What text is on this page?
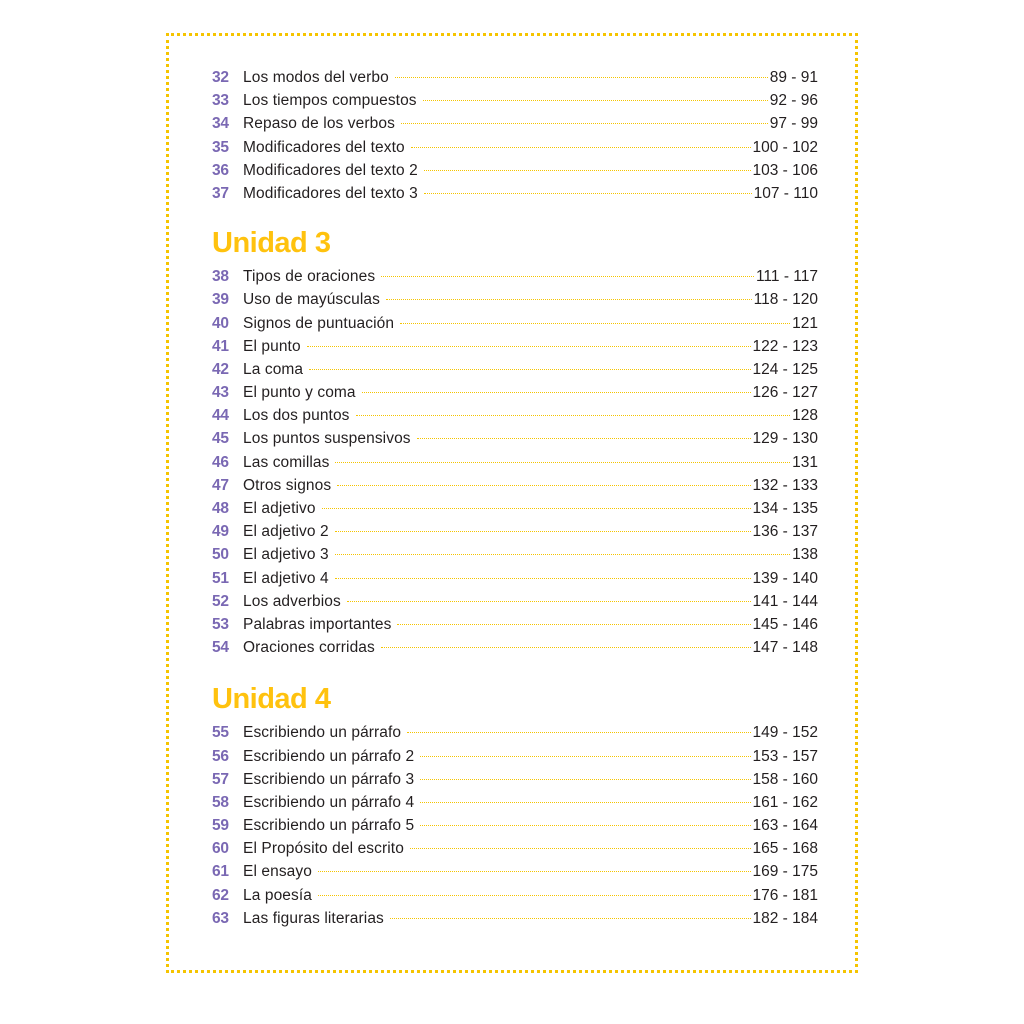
32 Los modos del verbo	89 - 91
33 Los tiempos compuestos	92 - 96
34 Repaso de los verbos	97 - 99
35 Modificadores del texto	100 - 102
36 Modificadores del texto 2	103 - 106
37 Modificadores del texto 3	107 - 110
Unidad 3
38 Tipos de oraciones	111 - 117
39 Uso de mayúsculas	118 - 120
40 Signos de puntuación	121
41 El punto	122 - 123
42 La coma	124 - 125
43 El punto y coma	126 - 127
44 Los dos puntos	128
45 Los puntos suspensivos	129 - 130
46 Las comillas	131
47 Otros signos	132 - 133
48 El adjetivo	134 - 135
49 El adjetivo 2	136 - 137
50 El adjetivo 3	138
51 El adjetivo 4	139 - 140
52 Los adverbios	141 - 144
53 Palabras importantes	145 - 146
54 Oraciones corridas	147 - 148
Unidad 4
55 Escribiendo un párrafo	149 - 152
56 Escribiendo un párrafo 2	153 - 157
57 Escribiendo un párrafo 3	158 - 160
58 Escribiendo un párrafo 4	161 - 162
59 Escribiendo un párrafo 5	163 - 164
60 El Propósito del escrito	165 - 168
61 El ensayo	169 - 175
62 La poesía	176 - 181
63 Las figuras literarias	182 - 184
